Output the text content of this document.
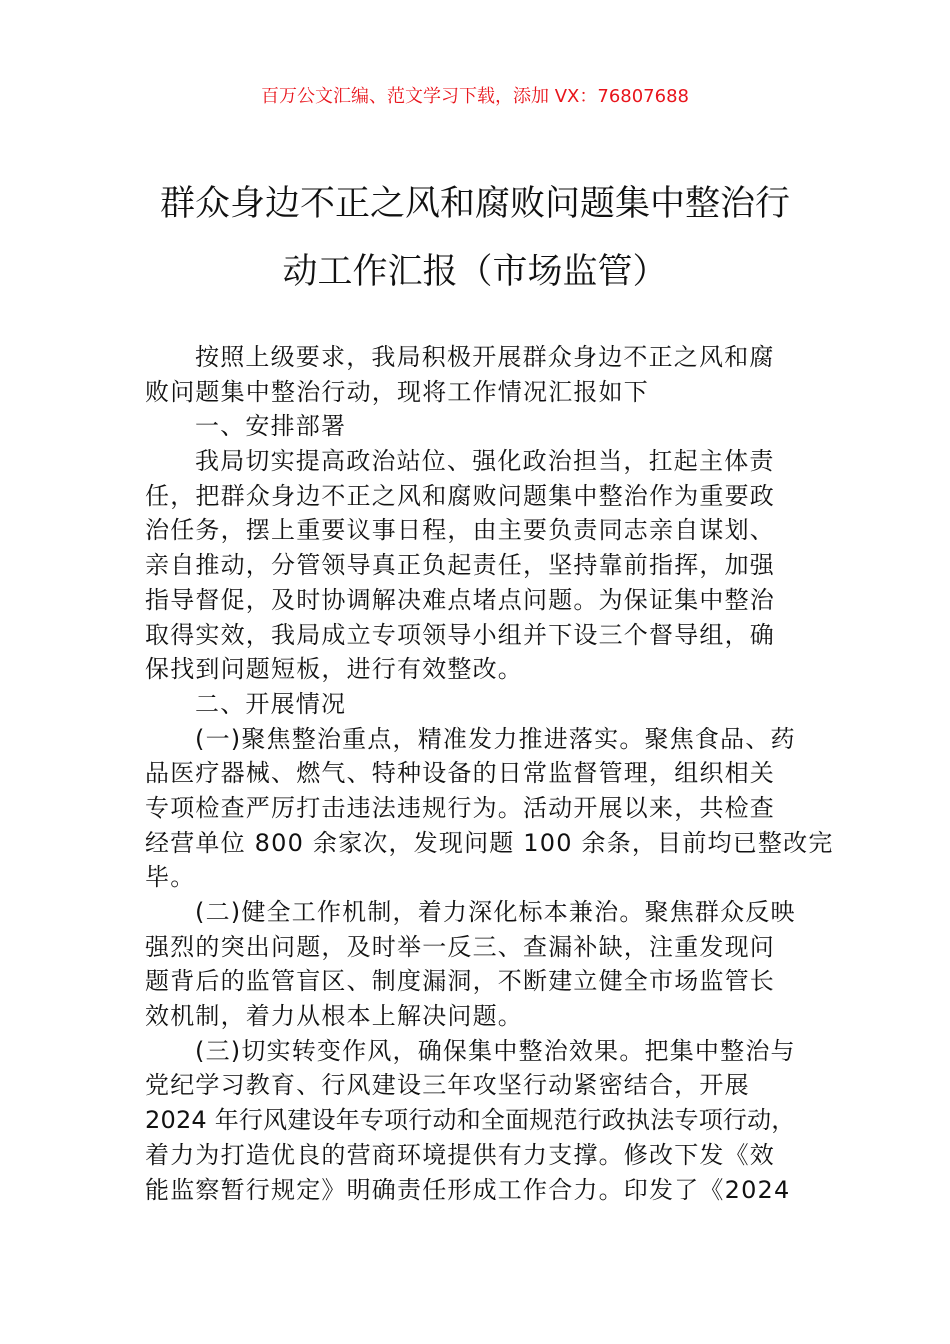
百万公文汇编、范文学习下载，添加 VX：76807688
群众身边不正之风和腐败问题集中整治行
动工作汇报（市场监管）
按照上级要求，我局积极开展群众身边不正之风和腐
败问题集中整治行动，现将工作情况汇报如下
一、安排部署
我局切实提高政治站位、强化政治担当，扛起主体责
任，把群众身边不正之风和腐败问题集中整治作为重要政
治任务，摆上重要议事日程，由主要负责同志亲自谋划、
亲自推动，分管领导真正负起责任，坚持靠前指挥，加强
指导督促，及时协调解决难点堵点问题。为保证集中整治
取得实效，我局成立专项领导小组并下设三个督导组，确
保找到问题短板，进行有效整改。
二、开展情况
(一)聚焦整治重点，精准发力推进落实。聚焦食品、药
品医疗器械、燃气、特种设备的日常监督管理，组织相关
专项检查严厉打击违法违规行为。活动开展以来，共检查
经营单位 800 余家次，发现问题 100 余条，目前均已整改完
毕。
(二)健全工作机制，着力深化标本兼治。聚焦群众反映
强烈的突出问题，及时举一反三、查漏补缺，注重发现问
题背后的监管盲区、制度漏洞，不断建立健全市场监管长
效机制，着力从根本上解决问题。
(三)切实转变作风，确保集中整治效果。把集中整治与
党纪学习教育、行风建设三年攻坚行动紧密结合，开展
2024 年行风建设年专项行动和全面规范行政执法专项行动，
着力为打造优良的营商环境提供有力支撑。修改下发《效
能监察暂行规定》明确责任形成工作合力。印发了《2024
